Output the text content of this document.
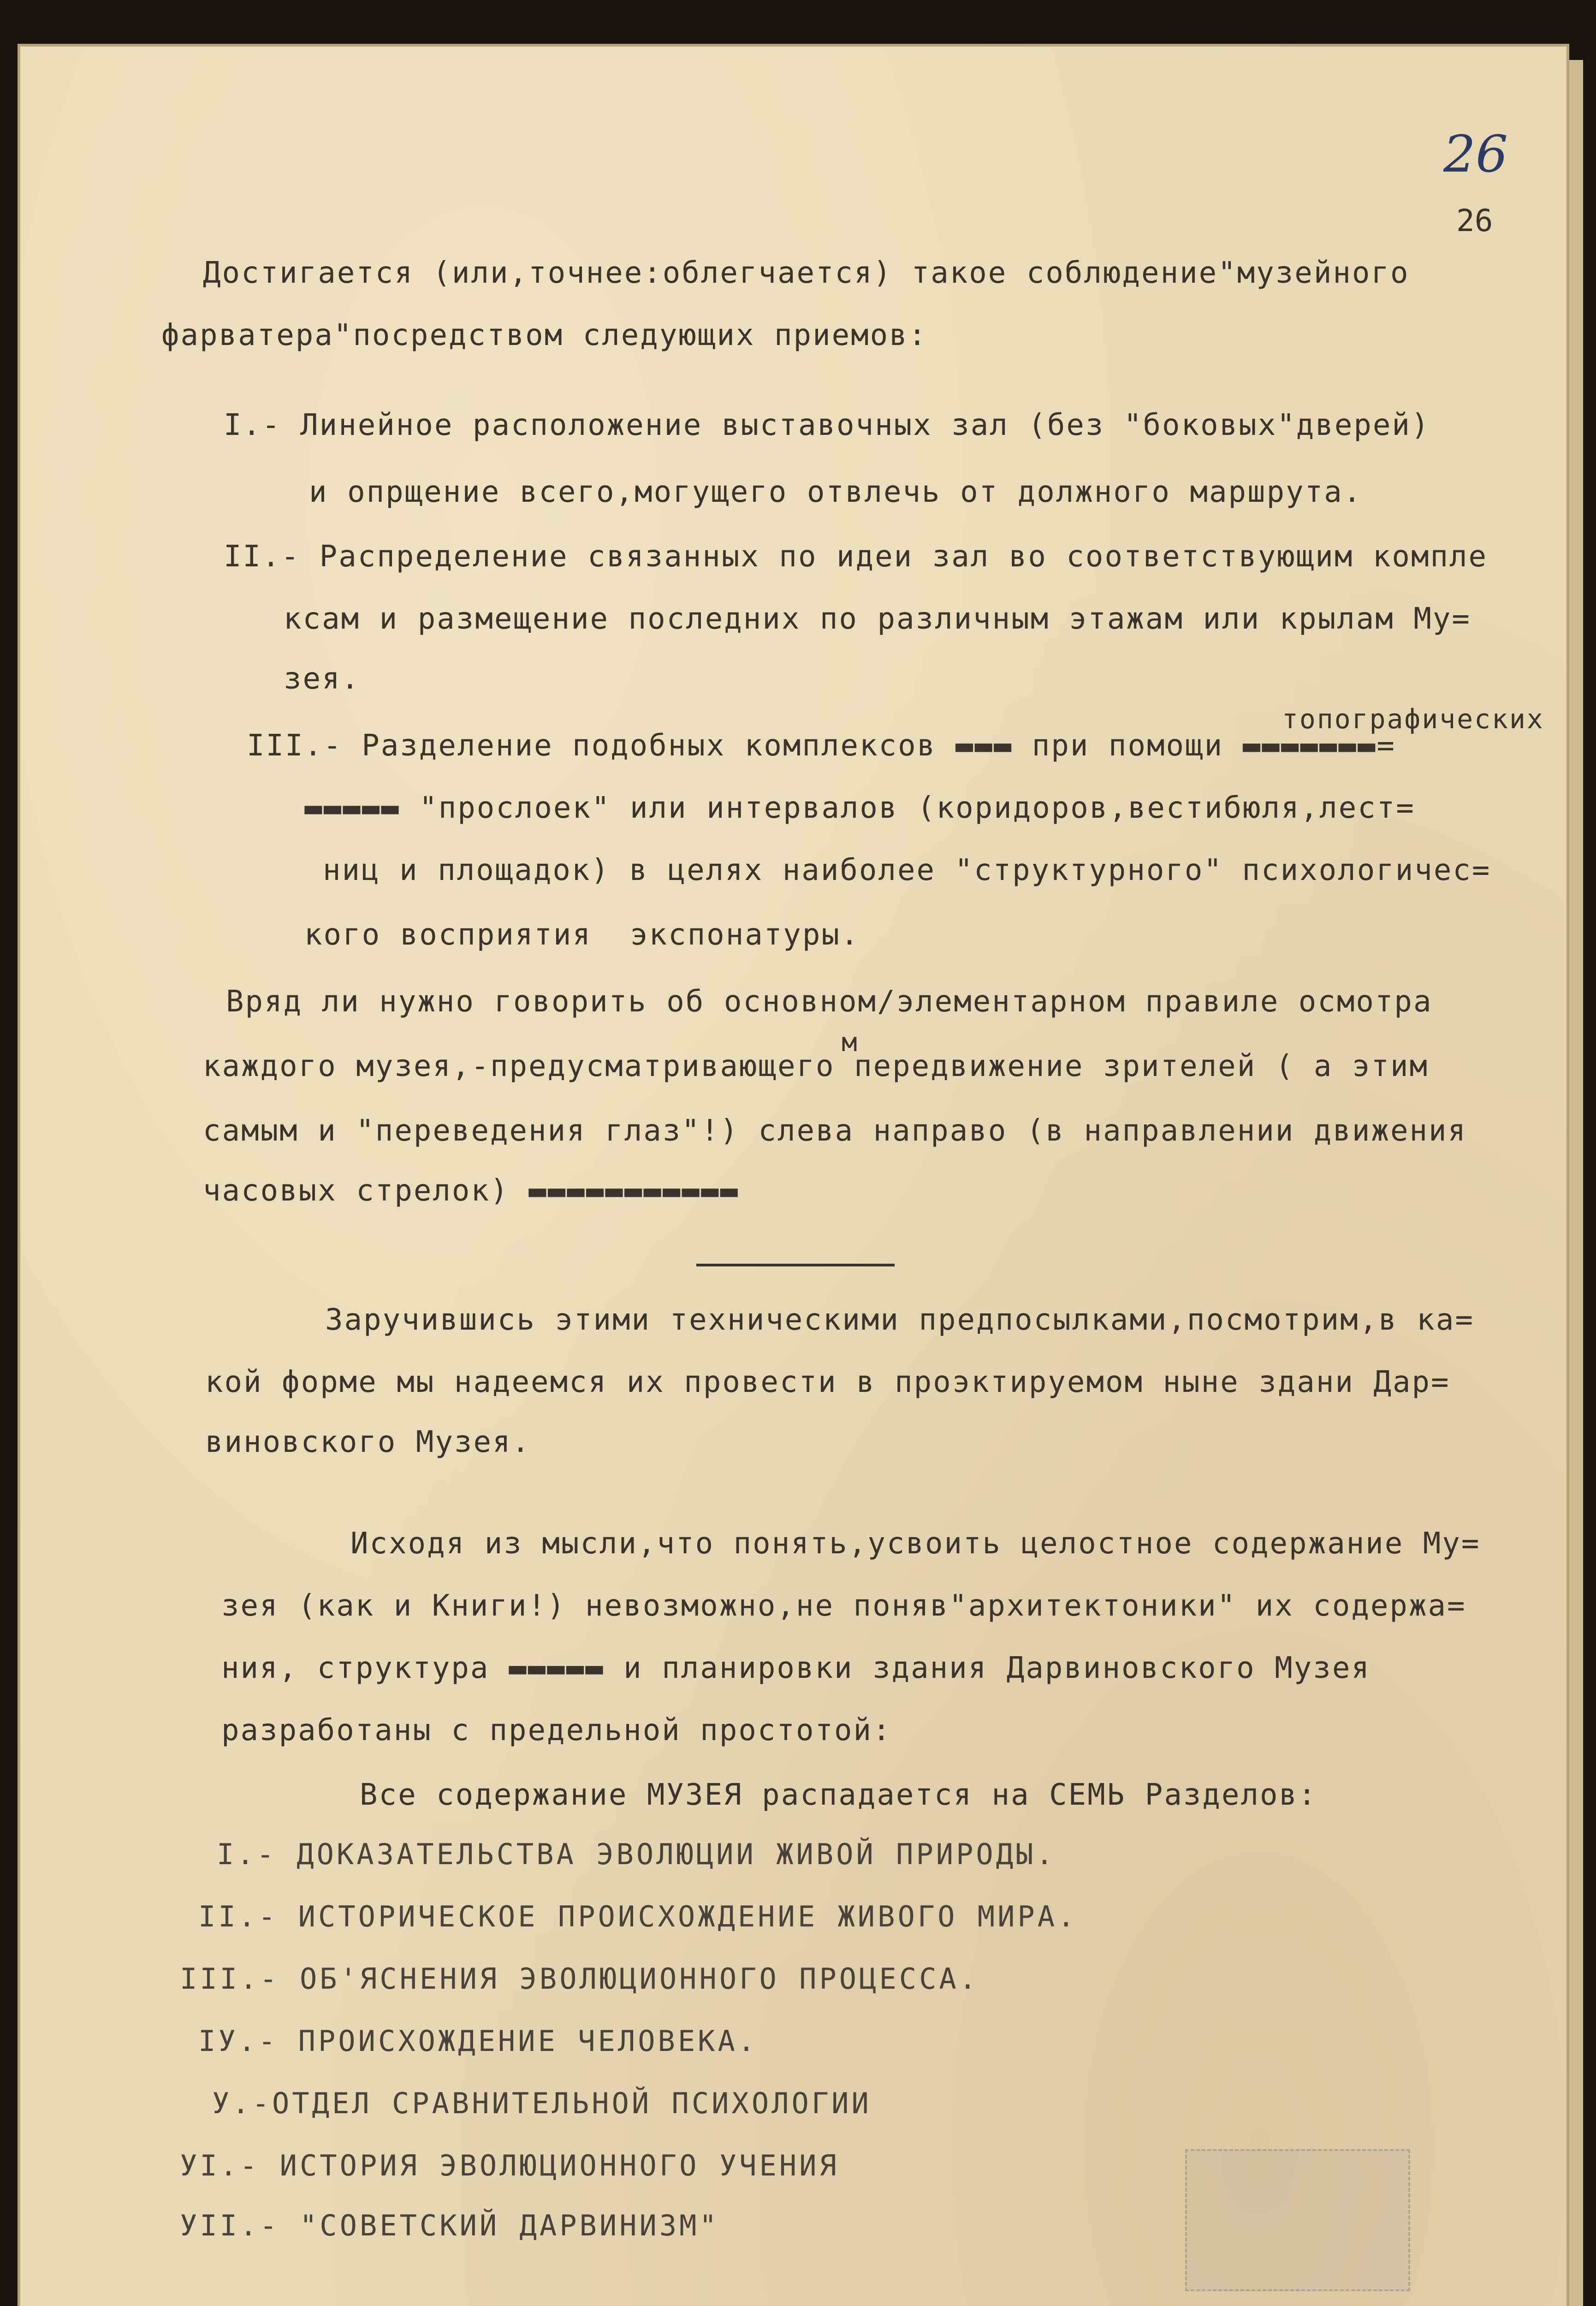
26
26
Достигается (или,точнее:облегчается) такое соблюдение"музейного
фарватера"посредством следующих приемов:
I.- Линейное расположение выставочных зал (без "боковых"дверей)
и опрщение всего,могущего отвлечь от должного маршрута.
II.- Распределение связанных по идеи зал во соответствующим компле
ксам и размещение последних по различным этажам или крылам Му=
зея.
топографических
III.- Разделение подобных комплексов ▬▬▬ при помощи ▬▬▬▬▬▬▬=
▬▬▬▬▬ "прослоек" или интервалов (коридоров,вестибюля,лест=
ниц и площадок) в целях наиболее "структурного" психологичес=
кого восприятия  экспонатуры.
Вряд ли нужно говорить об основном/элементарном правиле осмотра
м
каждого музея,-предусматривающего передвижение зрителей ( а этим
самым и "переведения глаз"!) слева направо (в направлении движения
часовых стрелок) ▬▬▬▬▬▬▬▬▬▬▬
Заручившись этими техническими предпосылками,посмотрим,в ка=
кой форме мы надеемся их провести в проэктируемом ныне здани Дар=
виновского Музея.
Исходя из мысли,что понять,усвоить целостное содержание Му=
зея (как и Книги!) невозможно,не поняв"архитектоники" их содержа=
ния, структура ▬▬▬▬▬ и планировки здания Дарвиновского Музея
разработаны с предельной простотой:
Все содержание МУЗЕЯ распадается на СЕМЬ Разделов:
I.- ДОКАЗАТЕЛЬСТВА ЭВОЛЮЦИИ ЖИВОЙ ПРИРОДЫ.
II.- ИСТОРИЧЕСКОЕ ПРОИСХОЖДЕНИЕ ЖИВОГО МИРА.
III.- ОБ'ЯСНЕНИЯ ЭВОЛЮЦИОННОГО ПРОЦЕССА.
IУ.- ПРОИСХОЖДЕНИЕ ЧЕЛОВЕКА.
У.-ОТДЕЛ СРАВНИТЕЛЬНОЙ ПСИХОЛОГИИ
УI.- ИСТОРИЯ ЭВОЛЮЦИОННОГО УЧЕНИЯ
УII.- "СОВЕТСКИЙ ДАРВИНИЗМ"
